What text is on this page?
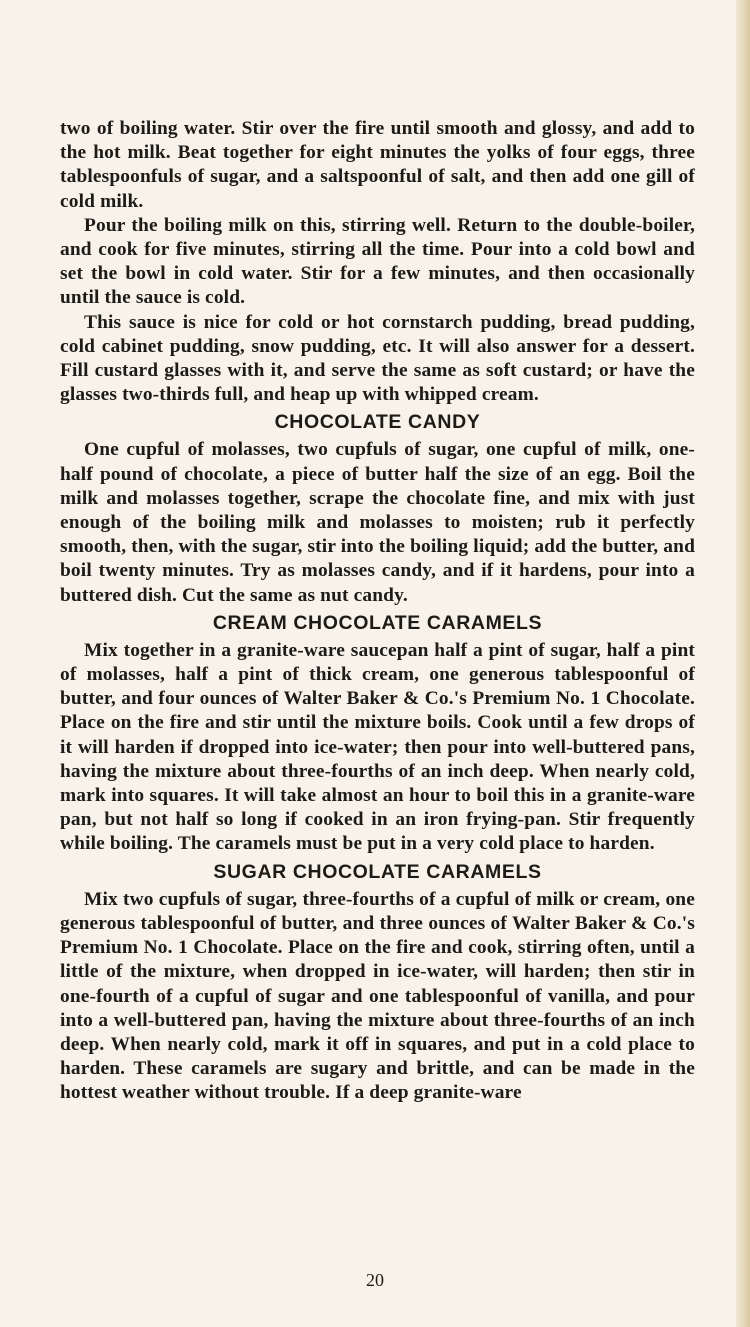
two of boiling water. Stir over the fire until smooth and glossy, and add to the hot milk. Beat together for eight minutes the yolks of four eggs, three tablespoonfuls of sugar, and a saltspoonful of salt, and then add one gill of cold milk.

Pour the boiling milk on this, stirring well. Return to the double-boiler, and cook for five minutes, stirring all the time. Pour into a cold bowl and set the bowl in cold water. Stir for a few minutes, and then occasionally until the sauce is cold.

This sauce is nice for cold or hot cornstarch pudding, bread pudding, cold cabinet pudding, snow pudding, etc. It will also answer for a dessert. Fill custard glasses with it, and serve the same as soft custard; or have the glasses two-thirds full, and heap up with whipped cream.

CHOCOLATE CANDY

One cupful of molasses, two cupfuls of sugar, one cupful of milk, one-half pound of chocolate, a piece of butter half the size of an egg. Boil the milk and molasses together, scrape the chocolate fine, and mix with just enough of the boiling milk and molasses to moisten; rub it perfectly smooth, then, with the sugar, stir into the boiling liquid; add the butter, and boil twenty minutes. Try as molasses candy, and if it hardens, pour into a buttered dish. Cut the same as nut candy.

CREAM CHOCOLATE CARAMELS

Mix together in a granite-ware saucepan half a pint of sugar, half a pint of molasses, half a pint of thick cream, one generous tablespoonful of butter, and four ounces of Walter Baker & Co.'s Premium No. 1 Chocolate. Place on the fire and stir until the mixture boils. Cook until a few drops of it will harden if dropped into ice-water; then pour into well-buttered pans, having the mixture about three-fourths of an inch deep. When nearly cold, mark into squares. It will take almost an hour to boil this in a granite-ware pan, but not half so long if cooked in an iron frying-pan. Stir frequently while boiling. The caramels must be put in a very cold place to harden.

SUGAR CHOCOLATE CARAMELS

Mix two cupfuls of sugar, three-fourths of a cupful of milk or cream, one generous tablespoonful of butter, and three ounces of Walter Baker & Co.'s Premium No. 1 Chocolate. Place on the fire and cook, stirring often, until a little of the mixture, when dropped in ice-water, will harden; then stir in one-fourth of a cupful of sugar and one tablespoonful of vanilla, and pour into a well-buttered pan, having the mixture about three-fourths of an inch deep. When nearly cold, mark it off in squares, and put in a cold place to harden. These caramels are sugary and brittle, and can be made in the hottest weather without trouble. If a deep granite-ware

20
